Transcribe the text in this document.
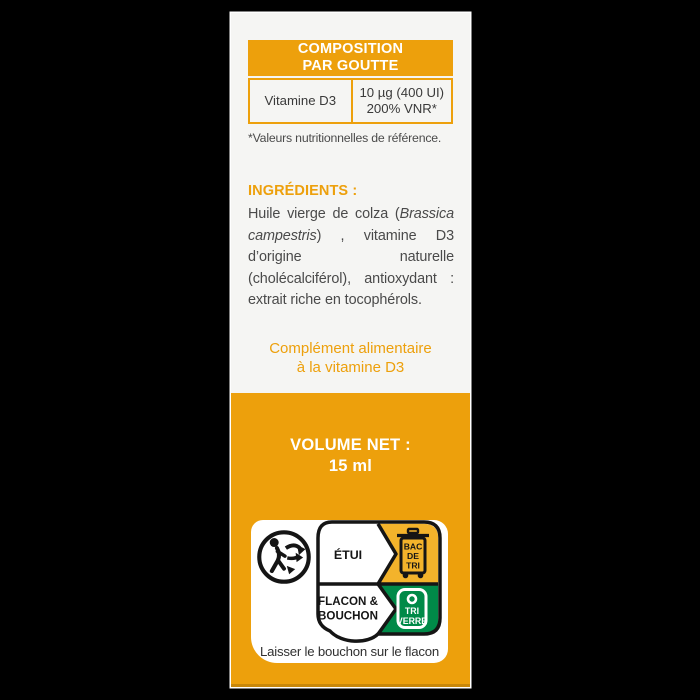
COMPOSITION
PAR GOUTTE
Vitamine D3
10 µg (400 UI)
200% VNR*
*Valeurs nutritionnelles de référence.
INGRÉDIENTS :

Huile vierge de colza (Brassica campestris) , vitamine D3 d’origine naturelle (cholécalciférol), antioxydant : extrait riche en tocophérols.

Complément alimentaire
à la vitamine D3
VOLUME NET :
15 ml
ÉTUI
FLACON &
BOUCHON
BAC
DE
TRI
TRI
VERRE
Laisser le bouchon sur le flacon
